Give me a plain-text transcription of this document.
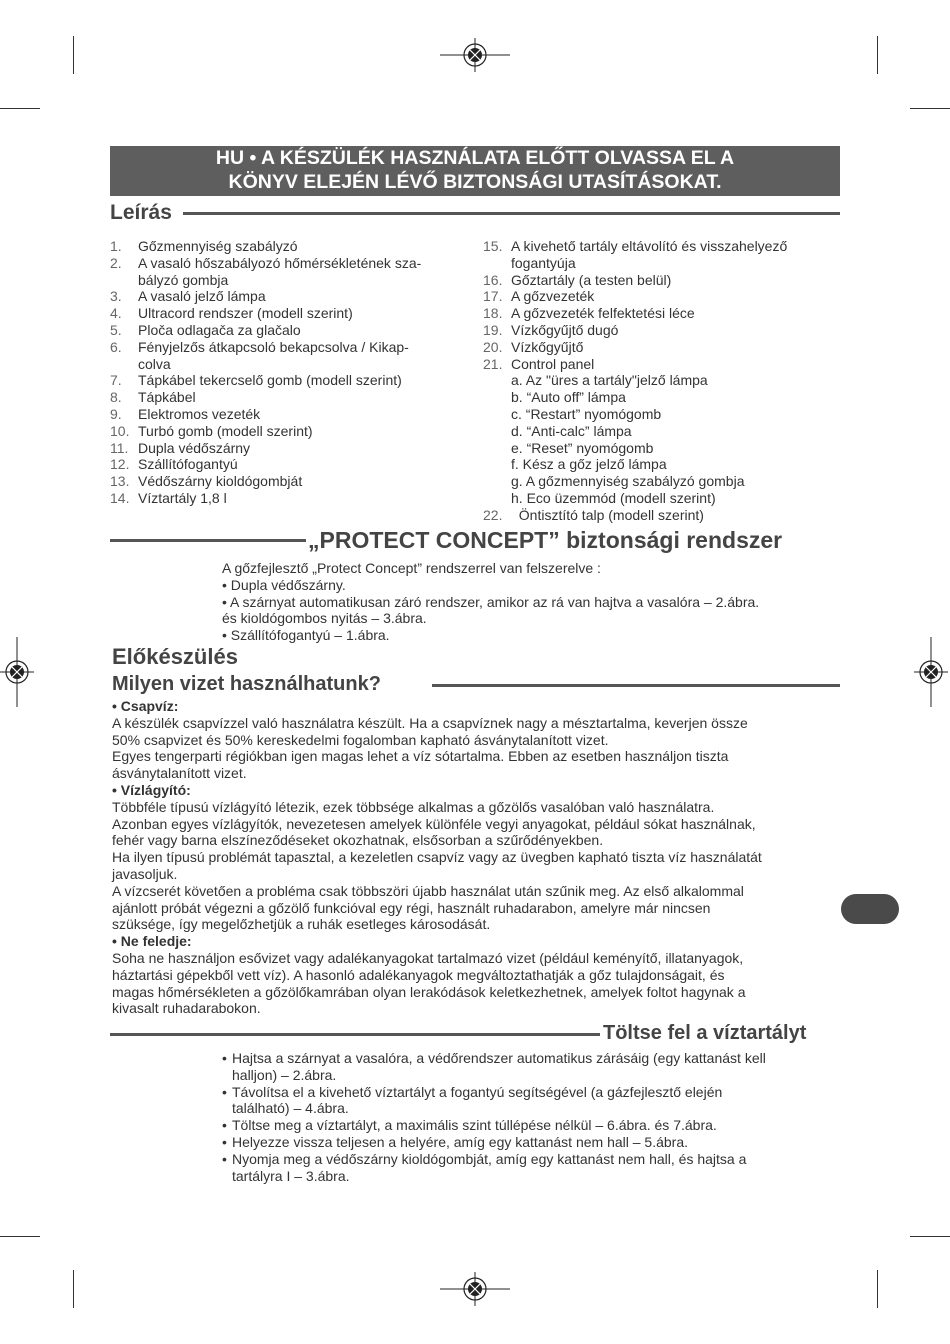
HU • A KÉSZÜLÉK HASZNÁLATA ELŐTT OLVASSA EL A
KÖNYV ELEJÉN LÉVŐ BIZTONSÁGI UTASÍTÁSOKAT.
Leírás
1. Gőzmennyiség szabályzó
2. A vasaló hőszabályozó hőmérsékletének sza-
bályzó gombja
3. A vasaló jelző lámpa
4. Ultracord rendszer (modell szerint)
5. Ploča odlagača za glačalo
6. Fényjelzős átkapcsoló bekapcsolva / Kikap-
colva
7. Tápkábel tekercselő gomb (modell szerint)
8. Tápkábel
9. Elektromos vezeték
10. Turbó gomb (modell szerint)
11. Dupla védőszárny
12. Szállítófogantyú
13. Védőszárny kioldógombját
14. Víztartály 1,8 l
15. A kivehető tartály eltávolító és visszahelyező
fogantyúja
16. Gőztartály (a testen belül)
17. A gőzvezeték
18. A gőzvezeték felfektetési léce
19. Vízkőgyűjtő dugó
20. Vízkőgyűjtő
21. Control panel
a. Az "üres a tartály"jelző lámpa
b. “Auto off” lámpa
c. “Restart” nyomógomb
d. “Anti-calc” lámpa
e. “Reset” nyomógomb
f. Kész a gőz jelző lámpa
g. A gőzmennyiség szabályzó gombja
h. Eco üzemmód (modell szerint)
22. Öntisztító talp (modell szerint)
„PROTECT CONCEPT” biztonsági rendszer

A gőzfejlesztő „Protect Concept” rendszerrel van felszerelve :

• Dupla védőszárny.

• A szárnyat automatikusan záró rendszer, amikor az rá van hajtva a vasalóra – 2.ábra.

és kioldógombos nyitás – 3.ábra.

• Szállítófogantyú – 1.ábra.

Előkészülés
Milyen vizet használhatunk?

• Csapvíz:

A készülék csapvízzel való használatra készült. Ha a csapvíznek nagy a mésztartalma, keverjen össze

50% csapvizet és 50% kereskedelmi fogalomban kapható ásványtalanított vizet.

Egyes tengerparti régiókban igen magas lehet a víz sótartalma. Ebben az esetben használjon tiszta

ásványtalanított vizet.

• Vízlágyító:

Többféle típusú vízlágyító létezik, ezek többsége alkalmas a gőzölős vasalóban való használatra.

Azonban egyes vízlágyítók, nevezetesen amelyek különféle vegyi anyagokat, például sókat használnak,

fehér vagy barna elszíneződéseket okozhatnak, elsősorban a szűrődényekben.

Ha ilyen típusú problémát tapasztal, a kezeletlen csapvíz vagy az üvegben kapható tiszta víz használatát

javasoljuk.

A vízcserét követően a probléma csak többszöri újabb használat után szűnik meg. Az első alkalommal

ajánlott próbát végezni a gőzölő funkcióval egy régi, használt ruhadarabon, amelyre már nincsen

szüksége, így megelőzhetjük a ruhák esetleges károsodását.

• Ne feledje:

Soha ne használjon esővizet vagy adalékanyagokat tartalmazó vizet (például keményítő, illatanyagok,

háztartási gépekből vett víz). A hasonló adalékanyagok megváltoztathatják a gőz tulajdonságait, és

magas hőmérsékleten a gőzölőkamrában olyan lerakódások keletkezhetnek, amelyek foltot hagynak a

kivasalt ruhadarabokon.

Töltse fel a víztartályt

• Hajtsa a szárnyat a vasalóra, a védőrendszer automatikus zárásáig (egy kattanást kell

halljon) – 2.ábra.

• Távolítsa el a kivehető víztartályt a fogantyú segítségével (a gázfejlesztő elején

található) – 4.ábra.

• Töltse meg a víztartályt, a maximális szint túllépése nélkül – 6.ábra. és 7.ábra.

• Helyezze vissza teljesen a helyére, amíg egy kattanást nem hall – 5.ábra.

• Nyomja meg a védőszárny kioldógombját, amíg egy kattanást nem hall, és hajtsa a

tartályra I – 3.ábra.
